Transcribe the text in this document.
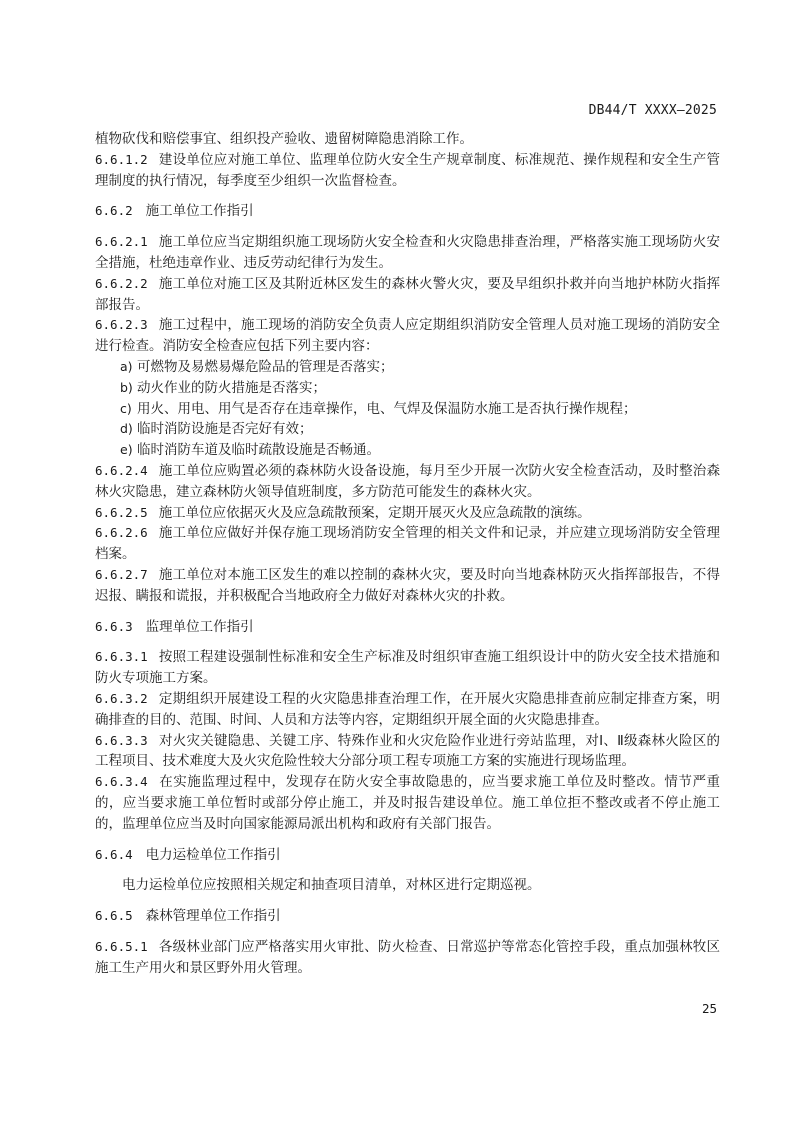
DB44/T XXXX—2025

植物砍伐和赔偿事宜、组织投产验收、遗留树障隐患消除工作。

6.6.1.2 建设单位应对施工单位、监理单位防火安全生产规章制度、标准规范、操作规程和安全生产管理制度的执行情况，每季度至少组织一次监督检查。

6.6.2 施工单位工作指引

6.6.2.1 施工单位应当定期组织施工现场防火安全检查和火灾隐患排查治理，严格落实施工现场防火安全措施，杜绝违章作业、违反劳动纪律行为发生。

6.6.2.2 施工单位对施工区及其附近林区发生的森林火警火灾，要及早组织扑救并向当地护林防火指挥部报告。

6.6.2.3 施工过程中，施工现场的消防安全负责人应定期组织消防安全管理人员对施工现场的消防安全进行检查。消防安全检查应包括下列主要内容：

a) 可燃物及易燃易爆危险品的管理是否落实；

b) 动火作业的防火措施是否落实；

c) 用火、用电、用气是否存在违章操作，电、气焊及保温防水施工是否执行操作规程；

d) 临时消防设施是否完好有效；

e) 临时消防车道及临时疏散设施是否畅通。

6.6.2.4 施工单位应购置必须的森林防火设备设施，每月至少开展一次防火安全检查活动，及时整治森林火灾隐患，建立森林防火领导值班制度，多方防范可能发生的森林火灾。

6.6.2.5 施工单位应依据灭火及应急疏散预案，定期开展灭火及应急疏散的演练。

6.6.2.6 施工单位应做好并保存施工现场消防安全管理的相关文件和记录，并应建立现场消防安全管理档案。

6.6.2.7 施工单位对本施工区发生的难以控制的森林火灾，要及时向当地森林防灭火指挥部报告，不得迟报、瞒报和谎报，并积极配合当地政府全力做好对森林火灾的扑救。

6.6.3 监理单位工作指引

6.6.3.1 按照工程建设强制性标准和安全生产标准及时组织审查施工组织设计中的防火安全技术措施和防火专项施工方案。

6.6.3.2 定期组织开展建设工程的火灾隐患排查治理工作，在开展火灾隐患排查前应制定排查方案，明确排查的目的、范围、时间、人员和方法等内容，定期组织开展全面的火灾隐患排查。

6.6.3.3 对火灾关键隐患、关键工序、特殊作业和火灾危险作业进行旁站监理，对Ⅰ、Ⅱ级森林火险区的工程项目、技术难度大及火灾危险性较大分部分项工程专项施工方案的实施进行现场监理。

6.6.3.4 在实施监理过程中，发现存在防火安全事故隐患的，应当要求施工单位及时整改。情节严重的，应当要求施工单位暂时或部分停止施工，并及时报告建设单位。施工单位拒不整改或者不停止施工的，监理单位应当及时向国家能源局派出机构和政府有关部门报告。

6.6.4 电力运检单位工作指引

电力运检单位应按照相关规定和抽查项目清单，对林区进行定期巡视。

6.6.5 森林管理单位工作指引

6.6.5.1 各级林业部门应严格落实用火审批、防火检查、日常巡护等常态化管控手段，重点加强林牧区施工生产用火和景区野外用火管理。

25
